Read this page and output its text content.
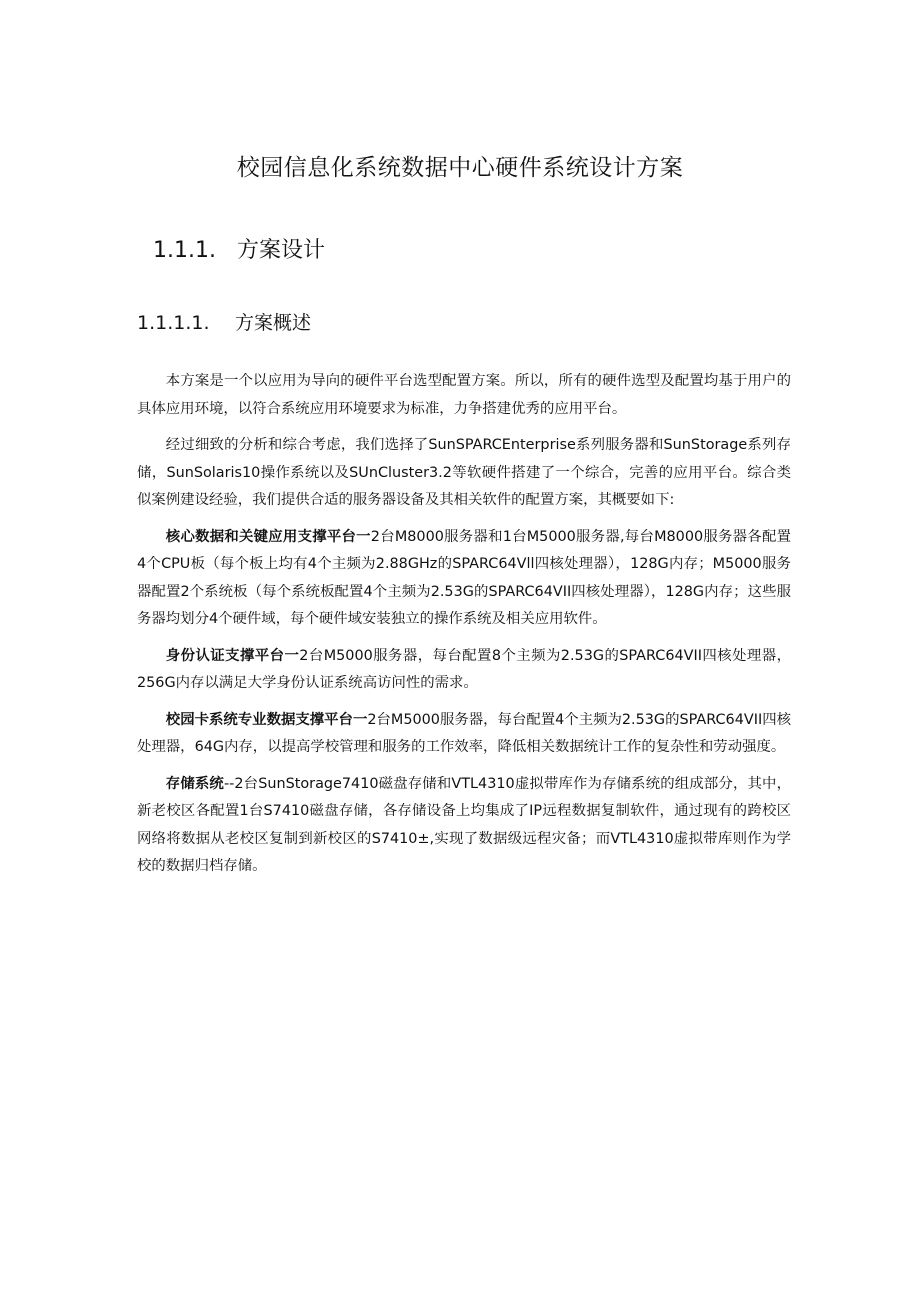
校园信息化系统数据中心硬件系统设计方案
1.1.1. 方案设计
1.1.1.1. 方案概述

本方案是一个以应用为导向的硬件平台选型配置方案。所以，所有的硬件选型及配置均基于用户的具体应用环境，以符合系统应用环境要求为标准，力争搭建优秀的应用平台。

经过细致的分析和综合考虑，我们选择了SunSPARCEnterprise系列服务器和SunStorage系列存储，SunSolaris10操作系统以及SUnCluster3.2等软硬件搭建了一个综合，完善的应用平台。综合类似案例建设经验，我们提供合适的服务器设备及其相关软件的配置方案，其概要如下:

核心数据和关键应用支撑平台一2台M8000服务器和1台M5000服务器,每台M8000服务器各配置4个CPU板（每个板上均有4个主频为2.88GHz的SPARC64Vll四核处理器），128G内存；M5000服务器配置2个系统板（每个系统板配置4个主频为2.53G的SPARC64VII四核处理器），128G内存；这些服务器均划分4个硬件域，每个硬件域安装独立的操作系统及相关应用软件。

身份认证支撑平台一2台M5000服务器，每台配置8个主频为2.53G的SPARC64VII四核处理器，256G内存以满足大学身份认证系统高访问性的需求。

校园卡系统专业数据支撑平台一2台M5000服务器，每台配置4个主频为2.53G的SPARC64VII四核处理器，64G内存，以提高学校管理和服务的工作效率，降低相关数据统计工作的复杂性和劳动强度。

存储系统--2台SunStorage7410磁盘存储和VTL4310虚拟带库作为存储系统的组成部分，其中，新老校区各配置1台S7410磁盘存储，各存储设备上均集成了IP远程数据复制软件，通过现有的跨校区网络将数据从老校区复制到新校区的S7410±,实现了数据级远程灾备；而VTL4310虚拟带库则作为学校的数据归档存储。
